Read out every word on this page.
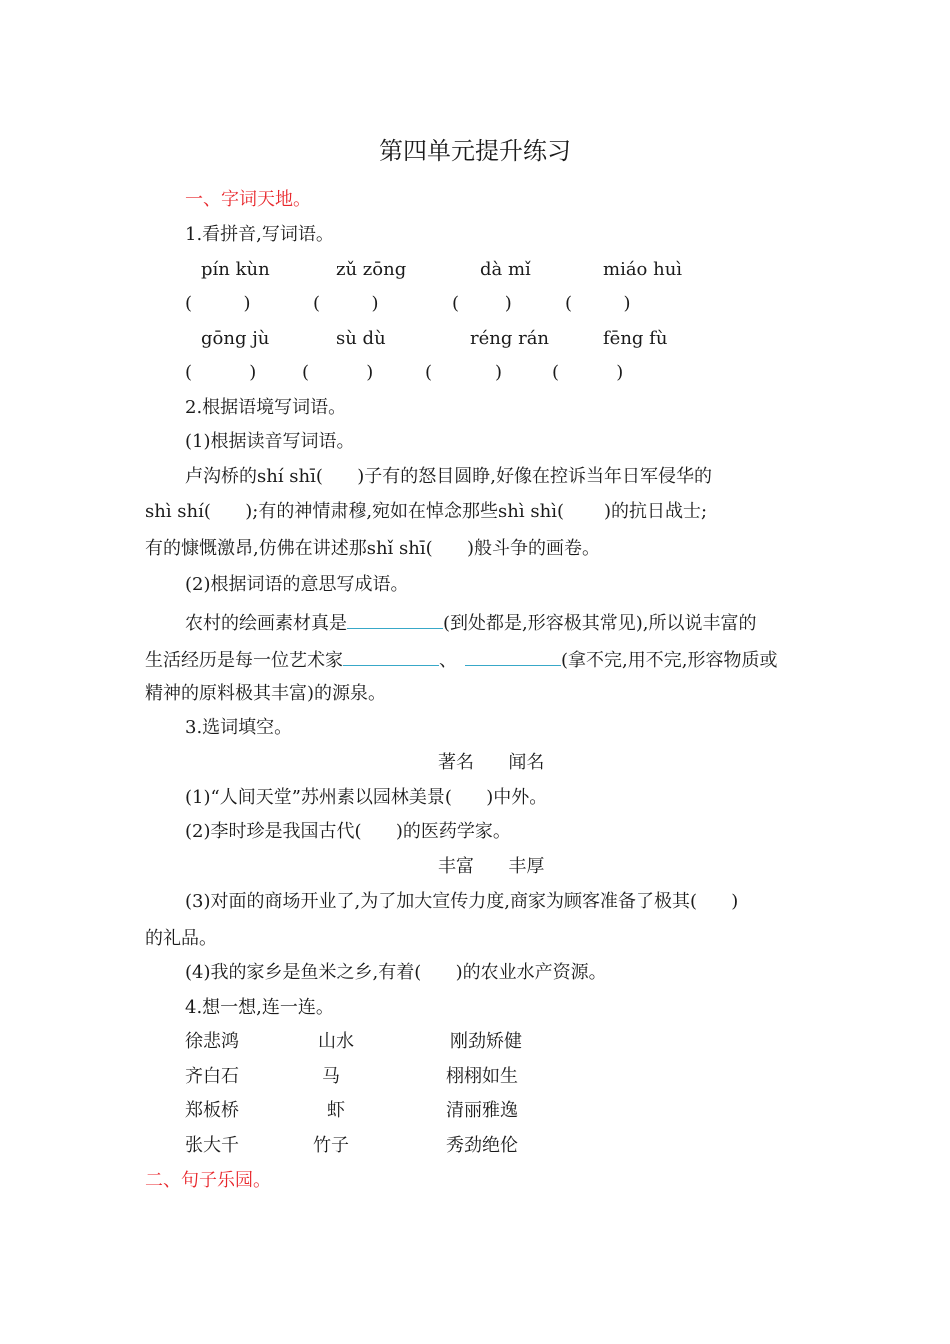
第四单元提升练习
一、字词天地。
1.看拼音,写词语。
pín kùn	zǔ zōng	dà mǐ	miáo huì
(         )	(         )	(        )	(         )
gōng jù	sù dù	réng rán	fēng fù
(          )	(          )	(           )	(          )
2.根据语境写词语。
(1)根据读音写词语。
卢沟桥的shí shī(      )子有的怒目圆睁,好像在控诉当年日军侵华的
shì shí(      );有的神情肃穆,宛如在悼念那些shì shì(       )的抗日战士;
有的慷慨激昂,仿佛在讲述那shǐ shī(      )般斗争的画卷。
(2)根据词语的意思写成语。
农村的绘画素材真是	(到处都是,形容极其常见),所以说丰富的
生活经历是每一位艺术家	、	(拿不完,用不完,形容物质或
精神的原料极其丰富)的源泉。
3.选词填空。
著名      闻名
(1)“人间天堂”苏州素以园林美景(      )中外。
(2)李时珍是我国古代(      )的医药学家。
丰富      丰厚
(3)对面的商场开业了,为了加大宣传力度,商家为顾客准备了极其(      )
的礼品。
(4)我的家乡是鱼米之乡,有着(      )的农业水产资源。
4.想一想,连一连。
徐悲鸿	山水	刚劲矫健
齐白石	马	栩栩如生
郑板桥	虾	清丽雅逸
张大千	竹子	秀劲绝伦
二、句子乐园。
